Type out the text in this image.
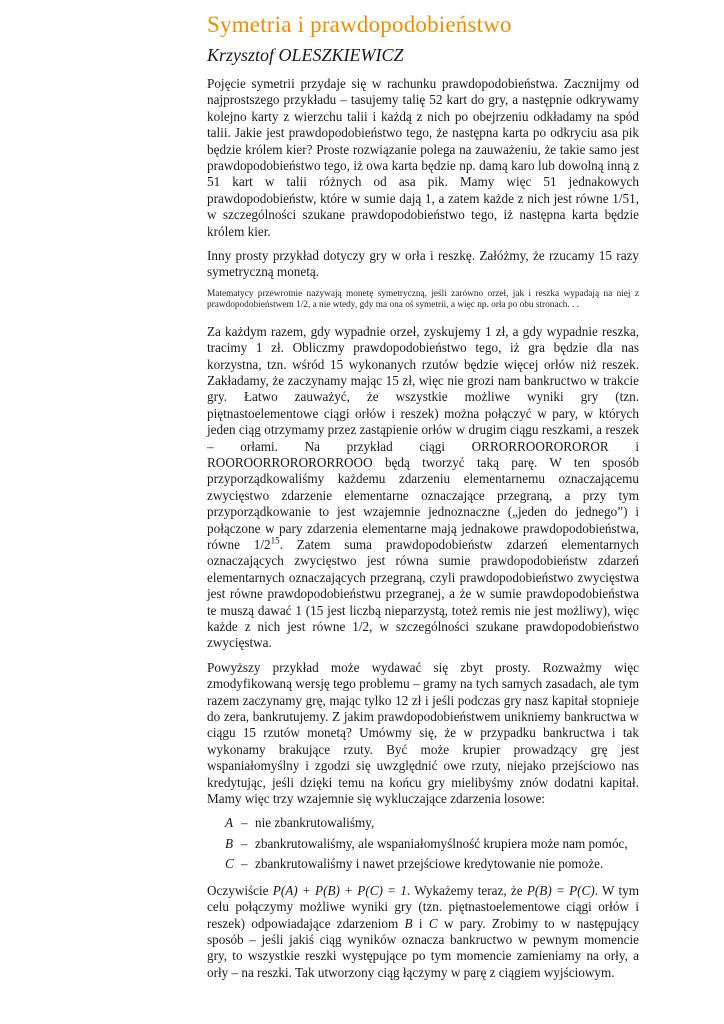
Symetria i prawdopodobieństwo
Krzysztof OLESZKIEWICZ

Pojęcie symetrii przydaje się w rachunku prawdopodobieństwa. Zacznijmy od najprostszego przykładu – tasujemy talię 52 kart do gry, a następnie odkrywamy kolejno karty z wierzchu talii i każdą z nich po obejrzeniu odkładamy na spód talii. Jakie jest prawdopodobieństwo tego, że następna karta po odkryciu asa pik będzie królem kier? Proste rozwiązanie polega na zauważeniu, że takie samo jest prawdopodobieństwo tego, iż owa karta będzie np. damą karo lub dowolną inną z 51 kart w talii różnych od asa pik. Mamy więc 51 jednakowych prawdopodobieństw, które w sumie dają 1, a zatem każde z nich jest równe 1/51, w szczególności szukane prawdopodobieństwo tego, iż następna karta będzie królem kier.

Inny prosty przykład dotyczy gry w orła i reszkę. Załóżmy, że rzucamy 15 razy symetryczną monetą.

Matematycy przewrotnie nazywają monetę symetryczną, jeśli zarówno orzeł, jak i reszka wypadają na niej z prawdopodobieństwem 1/2, a nie wtedy, gdy ma ona oś symetrii, a więc np. orła po obu stronach. . .

Za każdym razem, gdy wypadnie orzeł, zyskujemy 1 zł, a gdy wypadnie reszka, tracimy 1 zł. Obliczmy prawdopodobieństwo tego, iż gra będzie dla nas korzystna, tzn. wśród 15 wykonanych rzutów będzie więcej orłów niż reszek. Zakładamy, że zaczynamy mając 15 zł, więc nie grozi nam bankructwo w trakcie gry. Łatwo zauważyć, że wszystkie możliwe wyniki gry (tzn. piętnastoelementowe ciągi orłów i reszek) można połączyć w pary, w których jeden ciąg otrzymamy przez zastąpienie orłów w drugim ciągu reszkami, a reszek – orłami. Na przykład ciągi ORRORROOROROROR i ROOROORRORORORROOO będą tworzyć taką parę. W ten sposób przyporządkowaliśmy każdemu zdarzeniu elementarnemu oznaczającemu zwycięstwo zdarzenie elementarne oznaczające przegraną, a przy tym przyporządkowanie to jest wzajemnie jednoznaczne („jeden do jednego”) i połączone w pary zdarzenia elementarne mają jednakowe prawdopodobieństwa, równe $1/2^{15}$. Zatem suma prawdopodobieństw zdarzeń elementarnych oznaczających zwycięstwo jest równa sumie prawdopodobieństw zdarzeń elementarnych oznaczających przegraną, czyli prawdopodobieństwo zwycięstwa jest równe prawdopodobieństwu przegranej, a że w sumie prawdopodobieństwa te muszą dawać 1 (15 jest liczbą nieparzystą, toteż remis nie jest możliwy), więc każde z nich jest równe 1/2, w szczególności szukane prawdopodobieństwo zwycięstwa.

Powyższy przykład może wydawać się zbyt prosty. Rozważmy więc zmodyfikowaną wersję tego problemu – gramy na tych samych zasadach, ale tym razem zaczynamy grę, mając tylko 12 zł i jeśli podczas gry nasz kapitał stopnieje do zera, bankrutujemy. Z jakim prawdopodobieństwem unikniemy bankructwa w ciągu 15 rzutów monetą? Umówmy się, że w przypadku bankructwa i tak wykonamy brakujące rzuty. Być może krupier prowadzący grę jest wspaniałomyślny i zgodzi się uwzględnić owe rzuty, niejako przejściowo nas kredytując, jeśli dzięki temu na końcu gry mielibyśmy znów dodatni kapitał. Mamy więc trzy wzajemnie się wykluczające zdarzenia losowe:

A – nie zbankrutowaliśmy,
B – zbankrutowaliśmy, ale wspaniałomyślność krupiera może nam pomóc,
C – zbankrutowaliśmy i nawet przejściowe kredytowanie nie pomoże.

Oczywiście P(A) + P(B) + P(C) = 1. Wykażemy teraz, że P(B) = P(C). W tym celu połączymy możliwe wyniki gry (tzn. piętnastoelementowe ciągi orłów i reszek) odpowiadające zdarzeniom B i C w pary. Zrobimy to w następujący sposób – jeśli jakiś ciąg wyników oznacza bankructwo w pewnym momencie gry, to wszystkie reszki występujące po tym momencie zamieniamy na orły, a orły – na reszki. Tak utworzony ciąg łączymy w parę z ciągiem wyjściowym.
